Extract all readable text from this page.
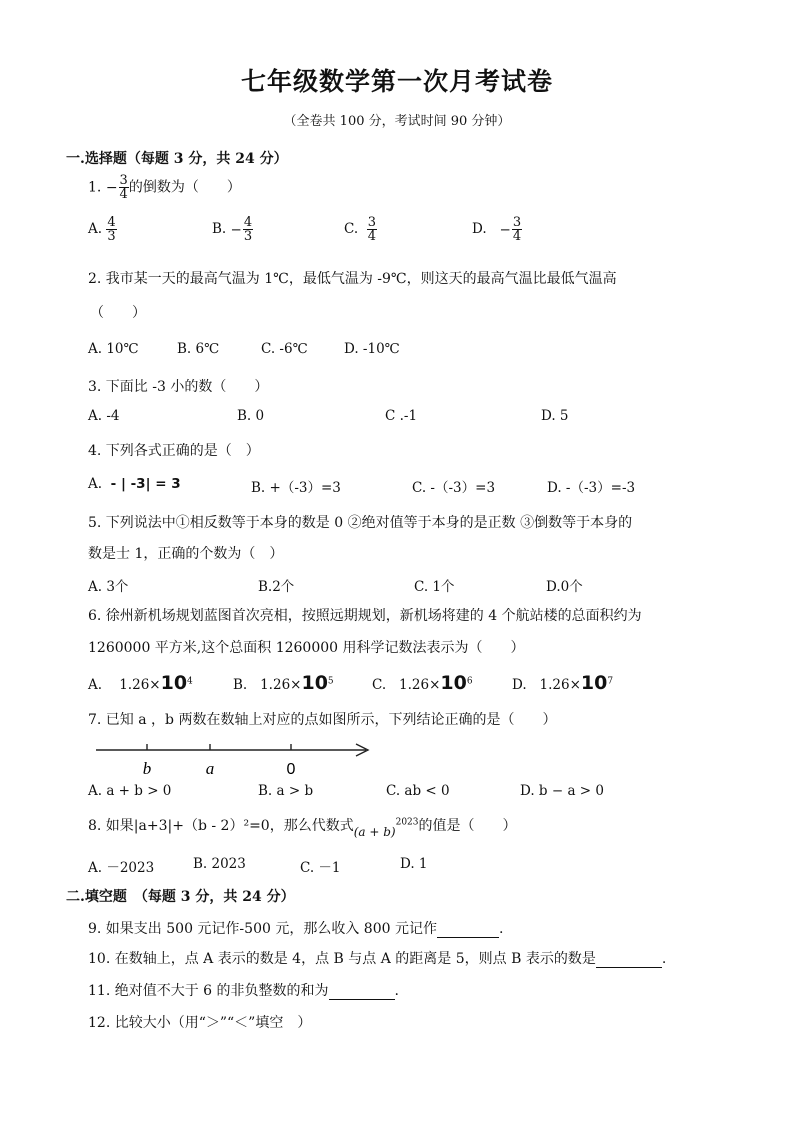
七年级数学第一次月考试卷
（全卷共 100 分，考试时间 90 分钟）
一.选择题（每题 3 分，共 24 分）
1. − $\frac{3}{4}$ 的倒数为（　　）
A. $\frac{4}{3}$	B. − $\frac{4}{3}$	C. $\frac{3}{4}$	D. − $\frac{3}{4}$
2. 我市某一天的最高气温为 1℃，最低气温为 -9℃，则这天的最高气温比最低气温高
（　　）
A. 10℃	B. 6℃	C. -6℃	D. -10℃
3. 下面比 -3 小的数（　　）
A. -4	B. 0	C .-1	D. 5
4. 下列各式正确的是（　）
A. - | -3| = 3	B. +（-3）=3	C. -（-3）=3	D. -（-3）=-3
5. 下列说法中①相反数等于本身的数是 0 ②绝对值等于本身的是正数 ③倒数等于本身的
数是士 1，正确的个数为（　）
A. 3个	B.2个	C. 1个	D.0个
6. 徐州新机场规划蓝图首次亮相，按照远期规划，新机场将建的 4 个航站楼的总面积约为
1260000 平方米,这个总面积 1260000 用科学记数法表示为（　　）
A. $1.26\times 10^4$	B. $1.26\times 10^5$	C. $1.26\times 10^6$	D. $1.26\times 10^7$
7. 已知 a ，b 两数在数轴上对应的点如图所示，下列结论正确的是（　　）
b	a	0
A. a + b > 0	B. a > b	C. ab < 0	D. b − a > 0
8. 如果|a+3|+（b - 2）²=0，那么代数式$(a + b)^{2023}$的值是（　　）
A. －2023	B. 2023	C. －1	D. 1
二.填空题　（每题 3 分，共 24 分）
9. 如果支出 500 元记作-500 元，那么收入 800 元记作	.
10. 在数轴上，点 A 表示的数是 4，点 B 与点 A 的距离是 5，则点 B 表示的数是	.
11. 绝对值不大于 6 的非负整数的和为	.
12. 比较大小（用“＞”“＜”填空　）
